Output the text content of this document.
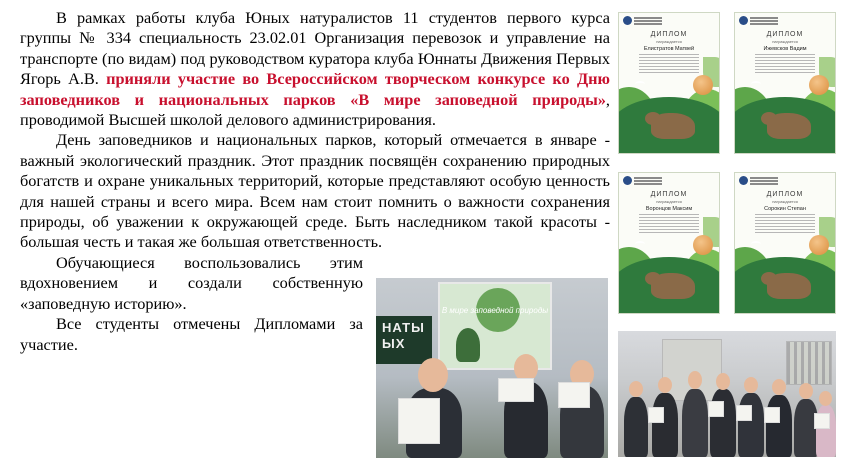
В рамках работы клуба Юных натуралистов 11 студентов первого курса группы № 334 специальность 23.02.01 Организация перевозок и управление на транспорте (по видам) под руководством куратора клуба Юннаты Движения Первых Ягорь А.В. приняли участие во Всероссийском творческом конкурсе ко Дню заповедников и национальных парков «В мире заповедной природы», проводимой Высшей школой делового администрирования.

День заповедников и национальных парков, который отмечается в январе - важный экологический праздник. Этот праздник посвящён сохранению природных богатств и охране уникальных территорий, которые представляют особую ценность для нашей страны и всего мира. Всем нам стоит помнить о важности сохранения природы, об уважении к окружающей среде. Быть наследником такой красоты - большая честь и такая же большая ответственность.

Обучающиеся воспользовались этим вдохновением и создали собственную «заповедную историю».

Все студенты отмечены Дипломами за участие.

ДИПЛОМ
награждается
Елистратов Матвей
ДИПЛОМ
награждается
Ижевсков Вадим
ДИПЛОМ
награждается
Воронцов Максим
ДИПЛОМ
награждается
Сорокин Степан
В мире заповедной природы
НАТЫ
ЫХ
